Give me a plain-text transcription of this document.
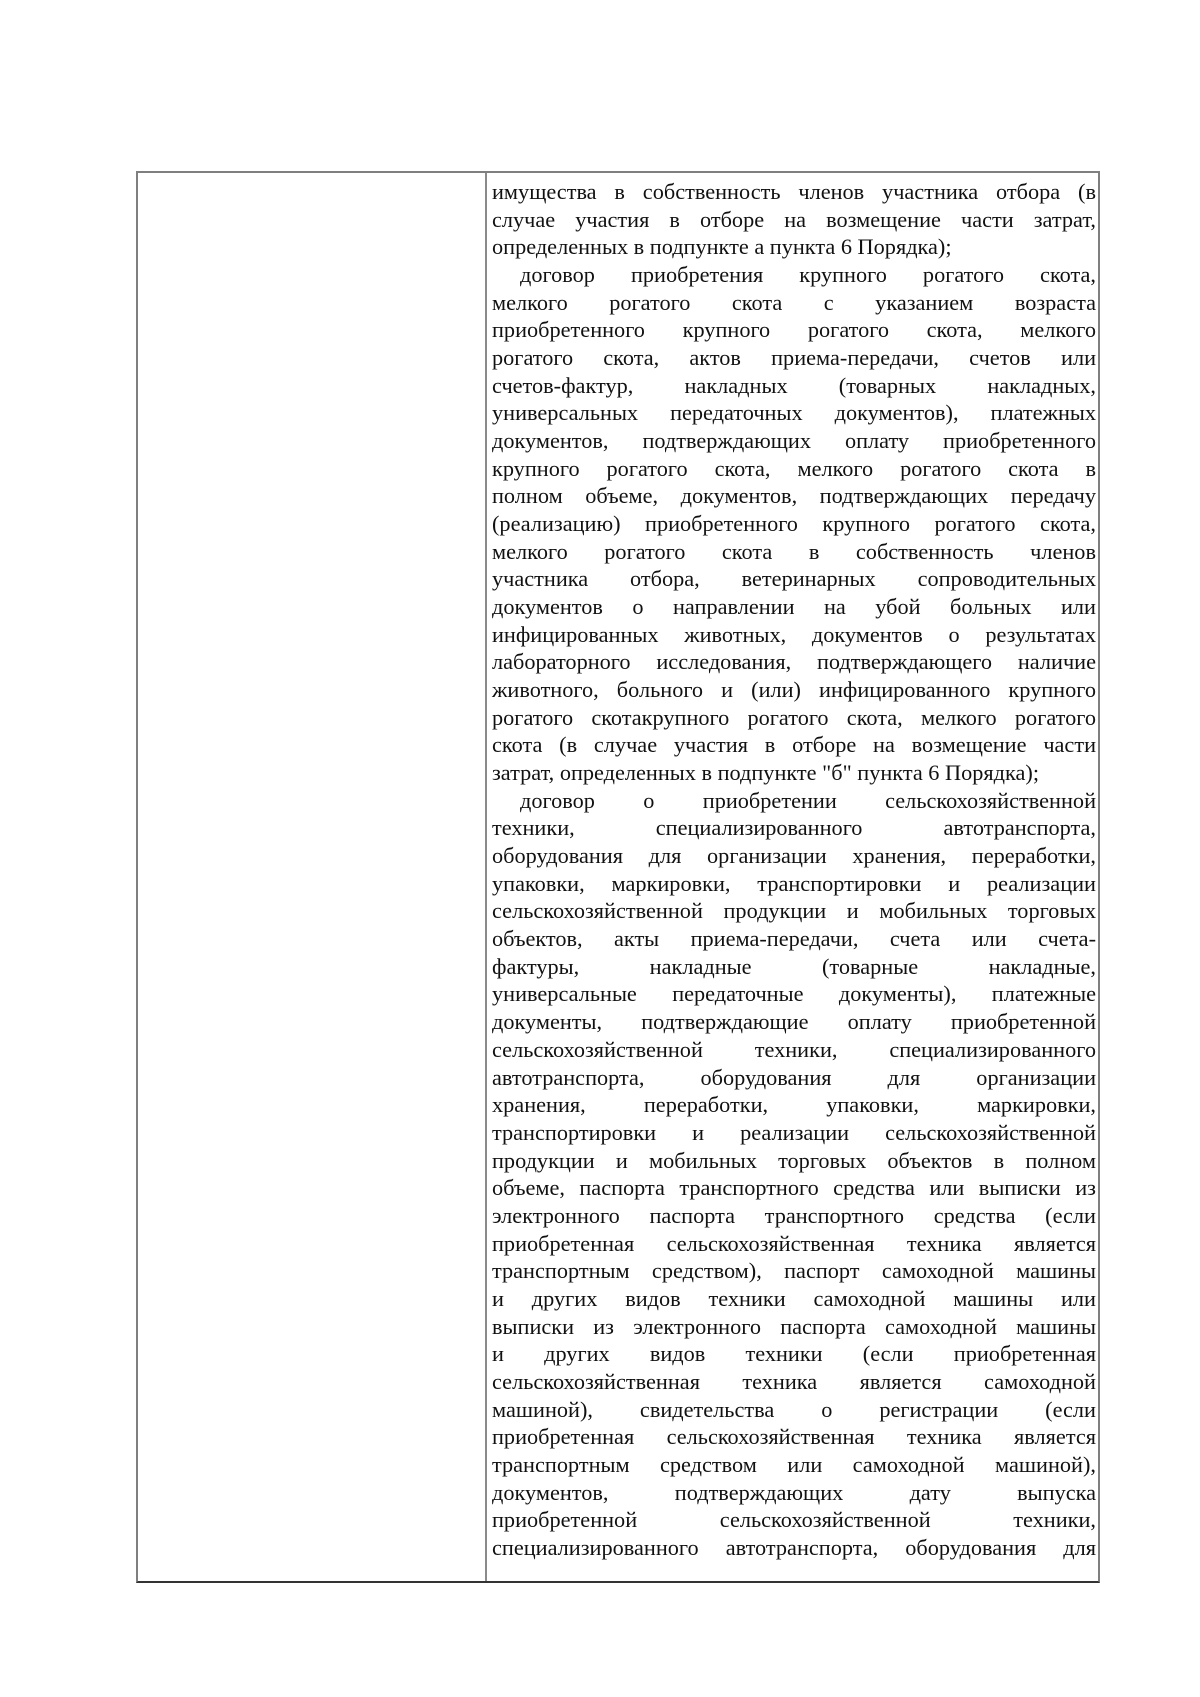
имущества в собственность членов участника отбора (в
случае участия в отборе на возмещение части затрат,
определенных в подпункте а пункта 6 Порядка);
договор приобретения крупного рогатого скота,
мелкого рогатого скота с указанием возраста
приобретенного крупного рогатого скота, мелкого
рогатого скота, актов приема-передачи, счетов или
счетов-фактур, накладных (товарных накладных,
универсальных передаточных документов), платежных
документов, подтверждающих оплату приобретенного
крупного рогатого скота, мелкого рогатого скота в
полном объеме, документов, подтверждающих передачу
(реализацию) приобретенного крупного рогатого скота,
мелкого рогатого скота в собственность членов
участника отбора, ветеринарных сопроводительных
документов о направлении на убой больных или
инфицированных животных, документов о результатах
лабораторного исследования, подтверждающего наличие
животного, больного и (или) инфицированного крупного
рогатого скотакрупного рогатого скота, мелкого рогатого
скота (в случае участия в отборе на возмещение части
затрат, определенных в подпункте "б" пункта 6 Порядка);
договор о приобретении сельскохозяйственной
техники, специализированного автотранспорта,
оборудования для организации хранения, переработки,
упаковки, маркировки, транспортировки и реализации
сельскохозяйственной продукции и мобильных торговых
объектов, акты приема-передачи, счета или счета-
фактуры, накладные (товарные накладные,
универсальные передаточные документы), платежные
документы, подтверждающие оплату приобретенной
сельскохозяйственной техники, специализированного
автотранспорта, оборудования для организации
хранения, переработки, упаковки, маркировки,
транспортировки и реализации сельскохозяйственной
продукции и мобильных торговых объектов в полном
объеме, паспорта транспортного средства или выписки из
электронного паспорта транспортного средства (если
приобретенная сельскохозяйственная техника является
транспортным средством), паспорт самоходной машины
и других видов техники самоходной машины или
выписки из электронного паспорта самоходной машины
и других видов техники (если приобретенная
сельскохозяйственная техника является самоходной
машиной), свидетельства о регистрации (если
приобретенная сельскохозяйственная техника является
транспортным средством или самоходной машиной),
документов, подтверждающих дату выпуска
приобретенной сельскохозяйственной техники,
специализированного автотранспорта, оборудования для
